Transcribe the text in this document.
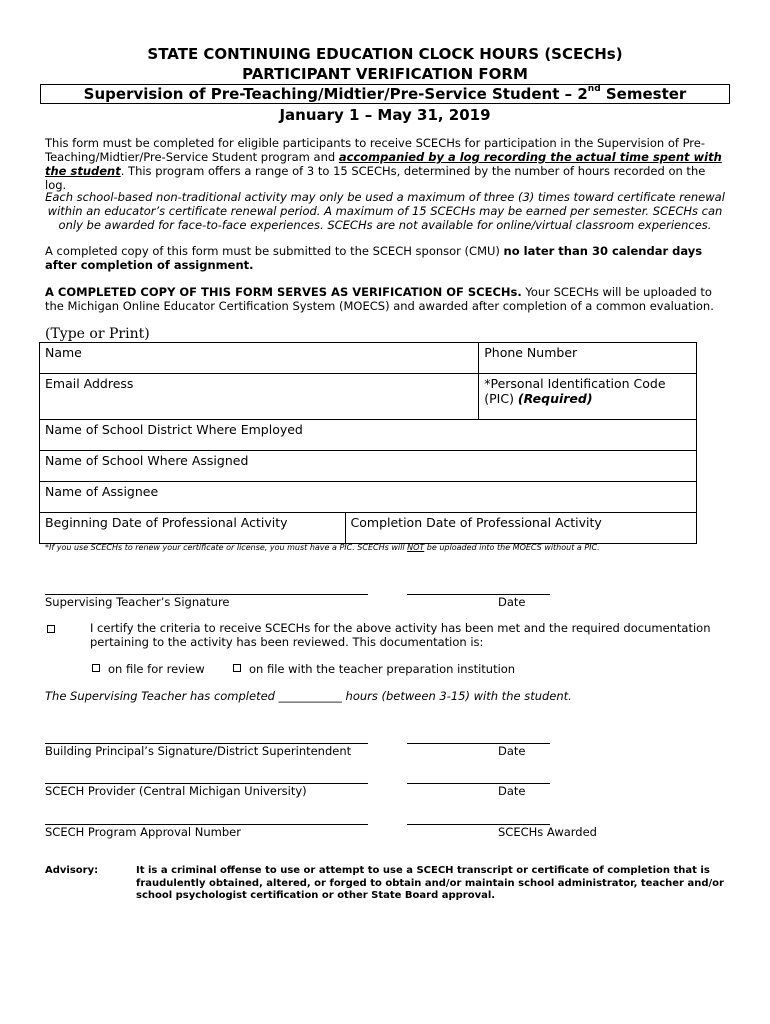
STATE CONTINUING EDUCATION CLOCK HOURS (SCECHs)
PARTICIPANT VERIFICATION FORM
Supervision of Pre-Teaching/Midtier/Pre-Service Student – 2nd Semester
January 1 – May 31, 2019
This form must be completed for eligible participants to receive SCECHs for participation in the Supervision of Pre-Teaching/Midtier/Pre-Service Student program and accompanied by a log recording the actual time spent with the student. This program offers a range of 3 to 15 SCECHs, determined by the number of hours recorded on the log.
Each school-based non-traditional activity may only be used a maximum of three (3) times toward certificate renewal within an educator’s certificate renewal period. A maximum of 15 SCECHs may be earned per semester. SCECHs can only be awarded for face-to-face experiences. SCECHs are not available for online/virtual classroom experiences.
A completed copy of this form must be submitted to the SCECH sponsor (CMU) no later than 30 calendar days after completion of assignment.
A COMPLETED COPY OF THIS FORM SERVES AS VERIFICATION OF SCECHs. Your SCECHs will be uploaded to the Michigan Online Educator Certification System (MOECS) and awarded after completion of a common evaluation.
(Type or Print)
Name			Phone Number
Email Address			*Personal Identification Code (PIC) (Required)
Name of School District Where Employed			
Name of School Where Assigned			
Name of Assignee			
Beginning Date of Professional Activity	Completion Date of Professional Activity		
*If you use SCECHs to renew your certificate or license, you must have a PIC. SCECHs will NOT be uploaded into the MOECS without a PIC.
Supervising Teacher’s Signature	Date
I certify the criteria to receive SCECHs for the above activity has been met and the required documentation pertaining to the activity has been reviewed. This documentation is:
on file for review	on file with the teacher preparation institution
The Supervising Teacher has completed ___________ hours (between 3-15) with the student.
Building Principal’s Signature/District Superintendent	Date
SCECH Provider (Central Michigan University)	Date
SCECH Program Approval Number	SCECHs Awarded
Advisory:	It is a criminal offense to use or attempt to use a SCECH transcript or certificate of completion that is fraudulently obtained, altered, or forged to obtain and/or maintain school administrator, teacher and/or school psychologist certification or other State Board approval.
